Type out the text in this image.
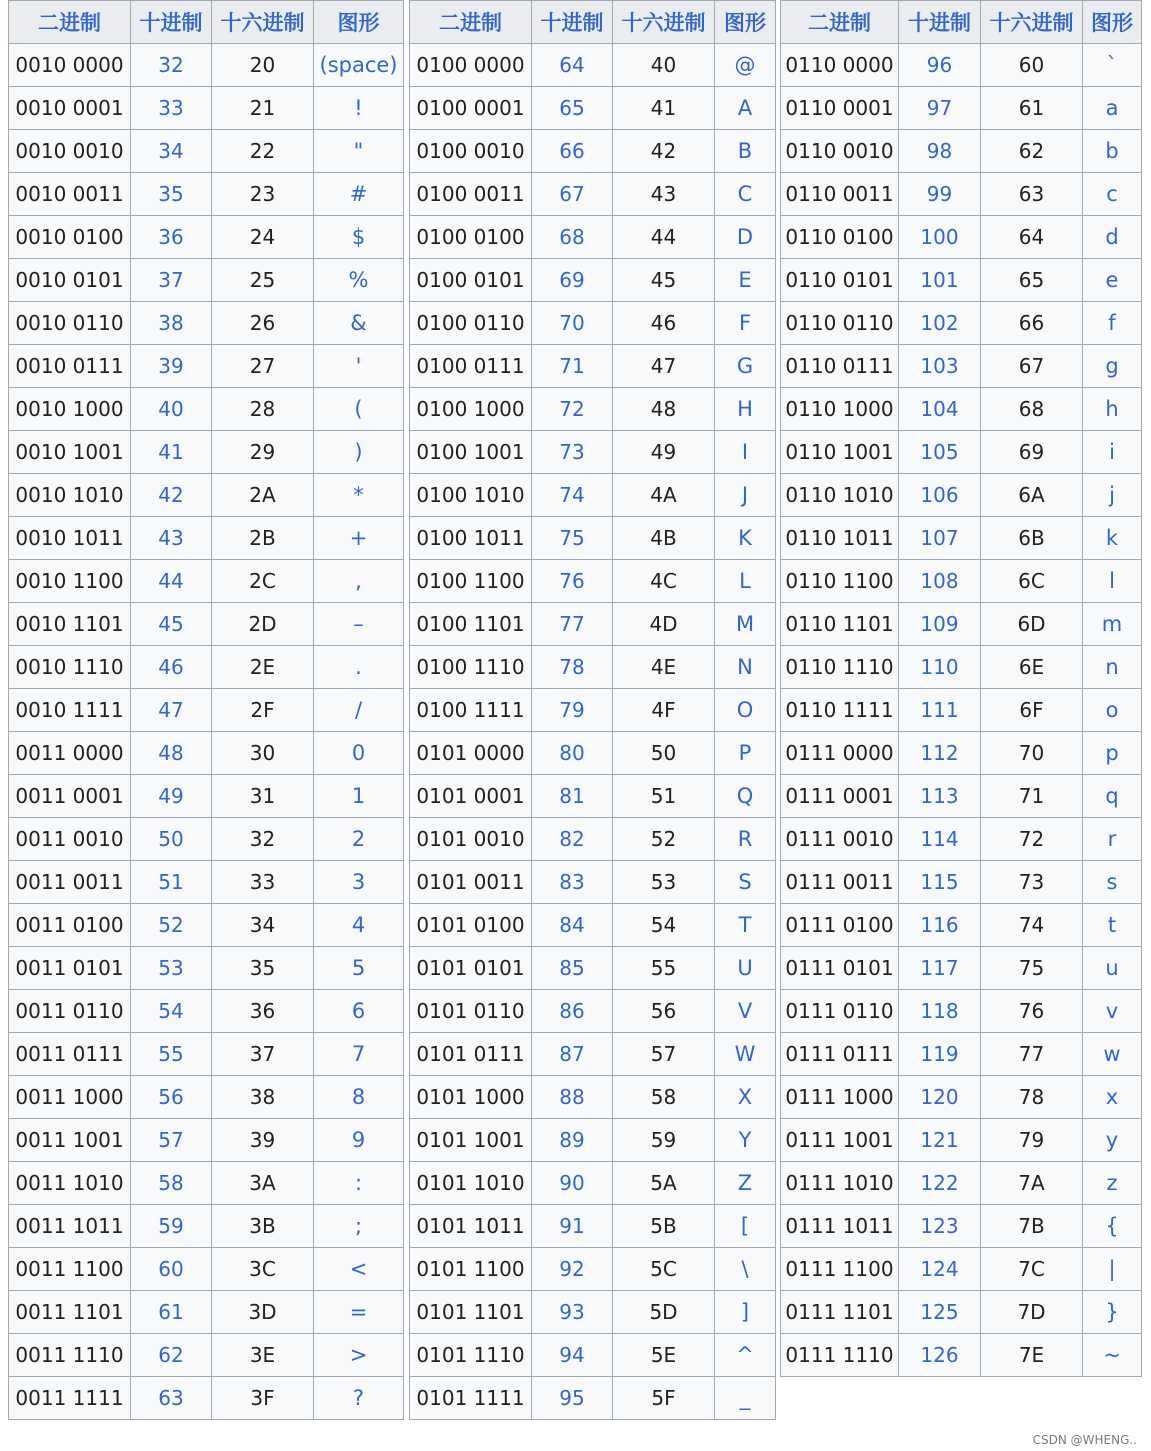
二进制	十进制	十六进制	图形
0010 0000	32	20	(space)
0010 0001	33	21	!
0010 0010	34	22	"
0010 0011	35	23	#
0010 0100	36	24	$
0010 0101	37	25	%
0010 0110	38	26	&
0010 0111	39	27	'
0010 1000	40	28	(
0010 1001	41	29	)
0010 1010	42	2A	*
0010 1011	43	2B	+
0010 1100	44	2C	,
0010 1101	45	2D	–
0010 1110	46	2E	.
0010 1111	47	2F	/
0011 0000	48	30	0
0011 0001	49	31	1
0011 0010	50	32	2
0011 0011	51	33	3
0011 0100	52	34	4
0011 0101	53	35	5
0011 0110	54	36	6
0011 0111	55	37	7
0011 1000	56	38	8
0011 1001	57	39	9
0011 1010	58	3A	:
0011 1011	59	3B	;
0011 1100	60	3C	<
0011 1101	61	3D	=
0011 1110	62	3E	>
0011 1111	63	3F	?
二进制	十进制	十六进制	图形
0100 0000	64	40	@
0100 0001	65	41	A
0100 0010	66	42	B
0100 0011	67	43	C
0100 0100	68	44	D
0100 0101	69	45	E
0100 0110	70	46	F
0100 0111	71	47	G
0100 1000	72	48	H
0100 1001	73	49	I
0100 1010	74	4A	J
0100 1011	75	4B	K
0100 1100	76	4C	L
0100 1101	77	4D	M
0100 1110	78	4E	N
0100 1111	79	4F	O
0101 0000	80	50	P
0101 0001	81	51	Q
0101 0010	82	52	R
0101 0011	83	53	S
0101 0100	84	54	T
0101 0101	85	55	U
0101 0110	86	56	V
0101 0111	87	57	W
0101 1000	88	58	X
0101 1001	89	59	Y
0101 1010	90	5A	Z
0101 1011	91	5B	[
0101 1100	92	5C	\
0101 1101	93	5D	]
0101 1110	94	5E	^
0101 1111	95	5F	_
二进制	十进制	十六进制	图形
0110 0000	96	60	`
0110 0001	97	61	a
0110 0010	98	62	b
0110 0011	99	63	c
0110 0100	100	64	d
0110 0101	101	65	e
0110 0110	102	66	f
0110 0111	103	67	g
0110 1000	104	68	h
0110 1001	105	69	i
0110 1010	106	6A	j
0110 1011	107	6B	k
0110 1100	108	6C	l
0110 1101	109	6D	m
0110 1110	110	6E	n
0110 1111	111	6F	o
0111 0000	112	70	p
0111 0001	113	71	q
0111 0010	114	72	r
0111 0011	115	73	s
0111 0100	116	74	t
0111 0101	117	75	u
0111 0110	118	76	v
0111 0111	119	77	w
0111 1000	120	78	x
0111 1001	121	79	y
0111 1010	122	7A	z
0111 1011	123	7B	{
0111 1100	124	7C	|
0111 1101	125	7D	}
0111 1110	126	7E	~
CSDN @WHENG..
